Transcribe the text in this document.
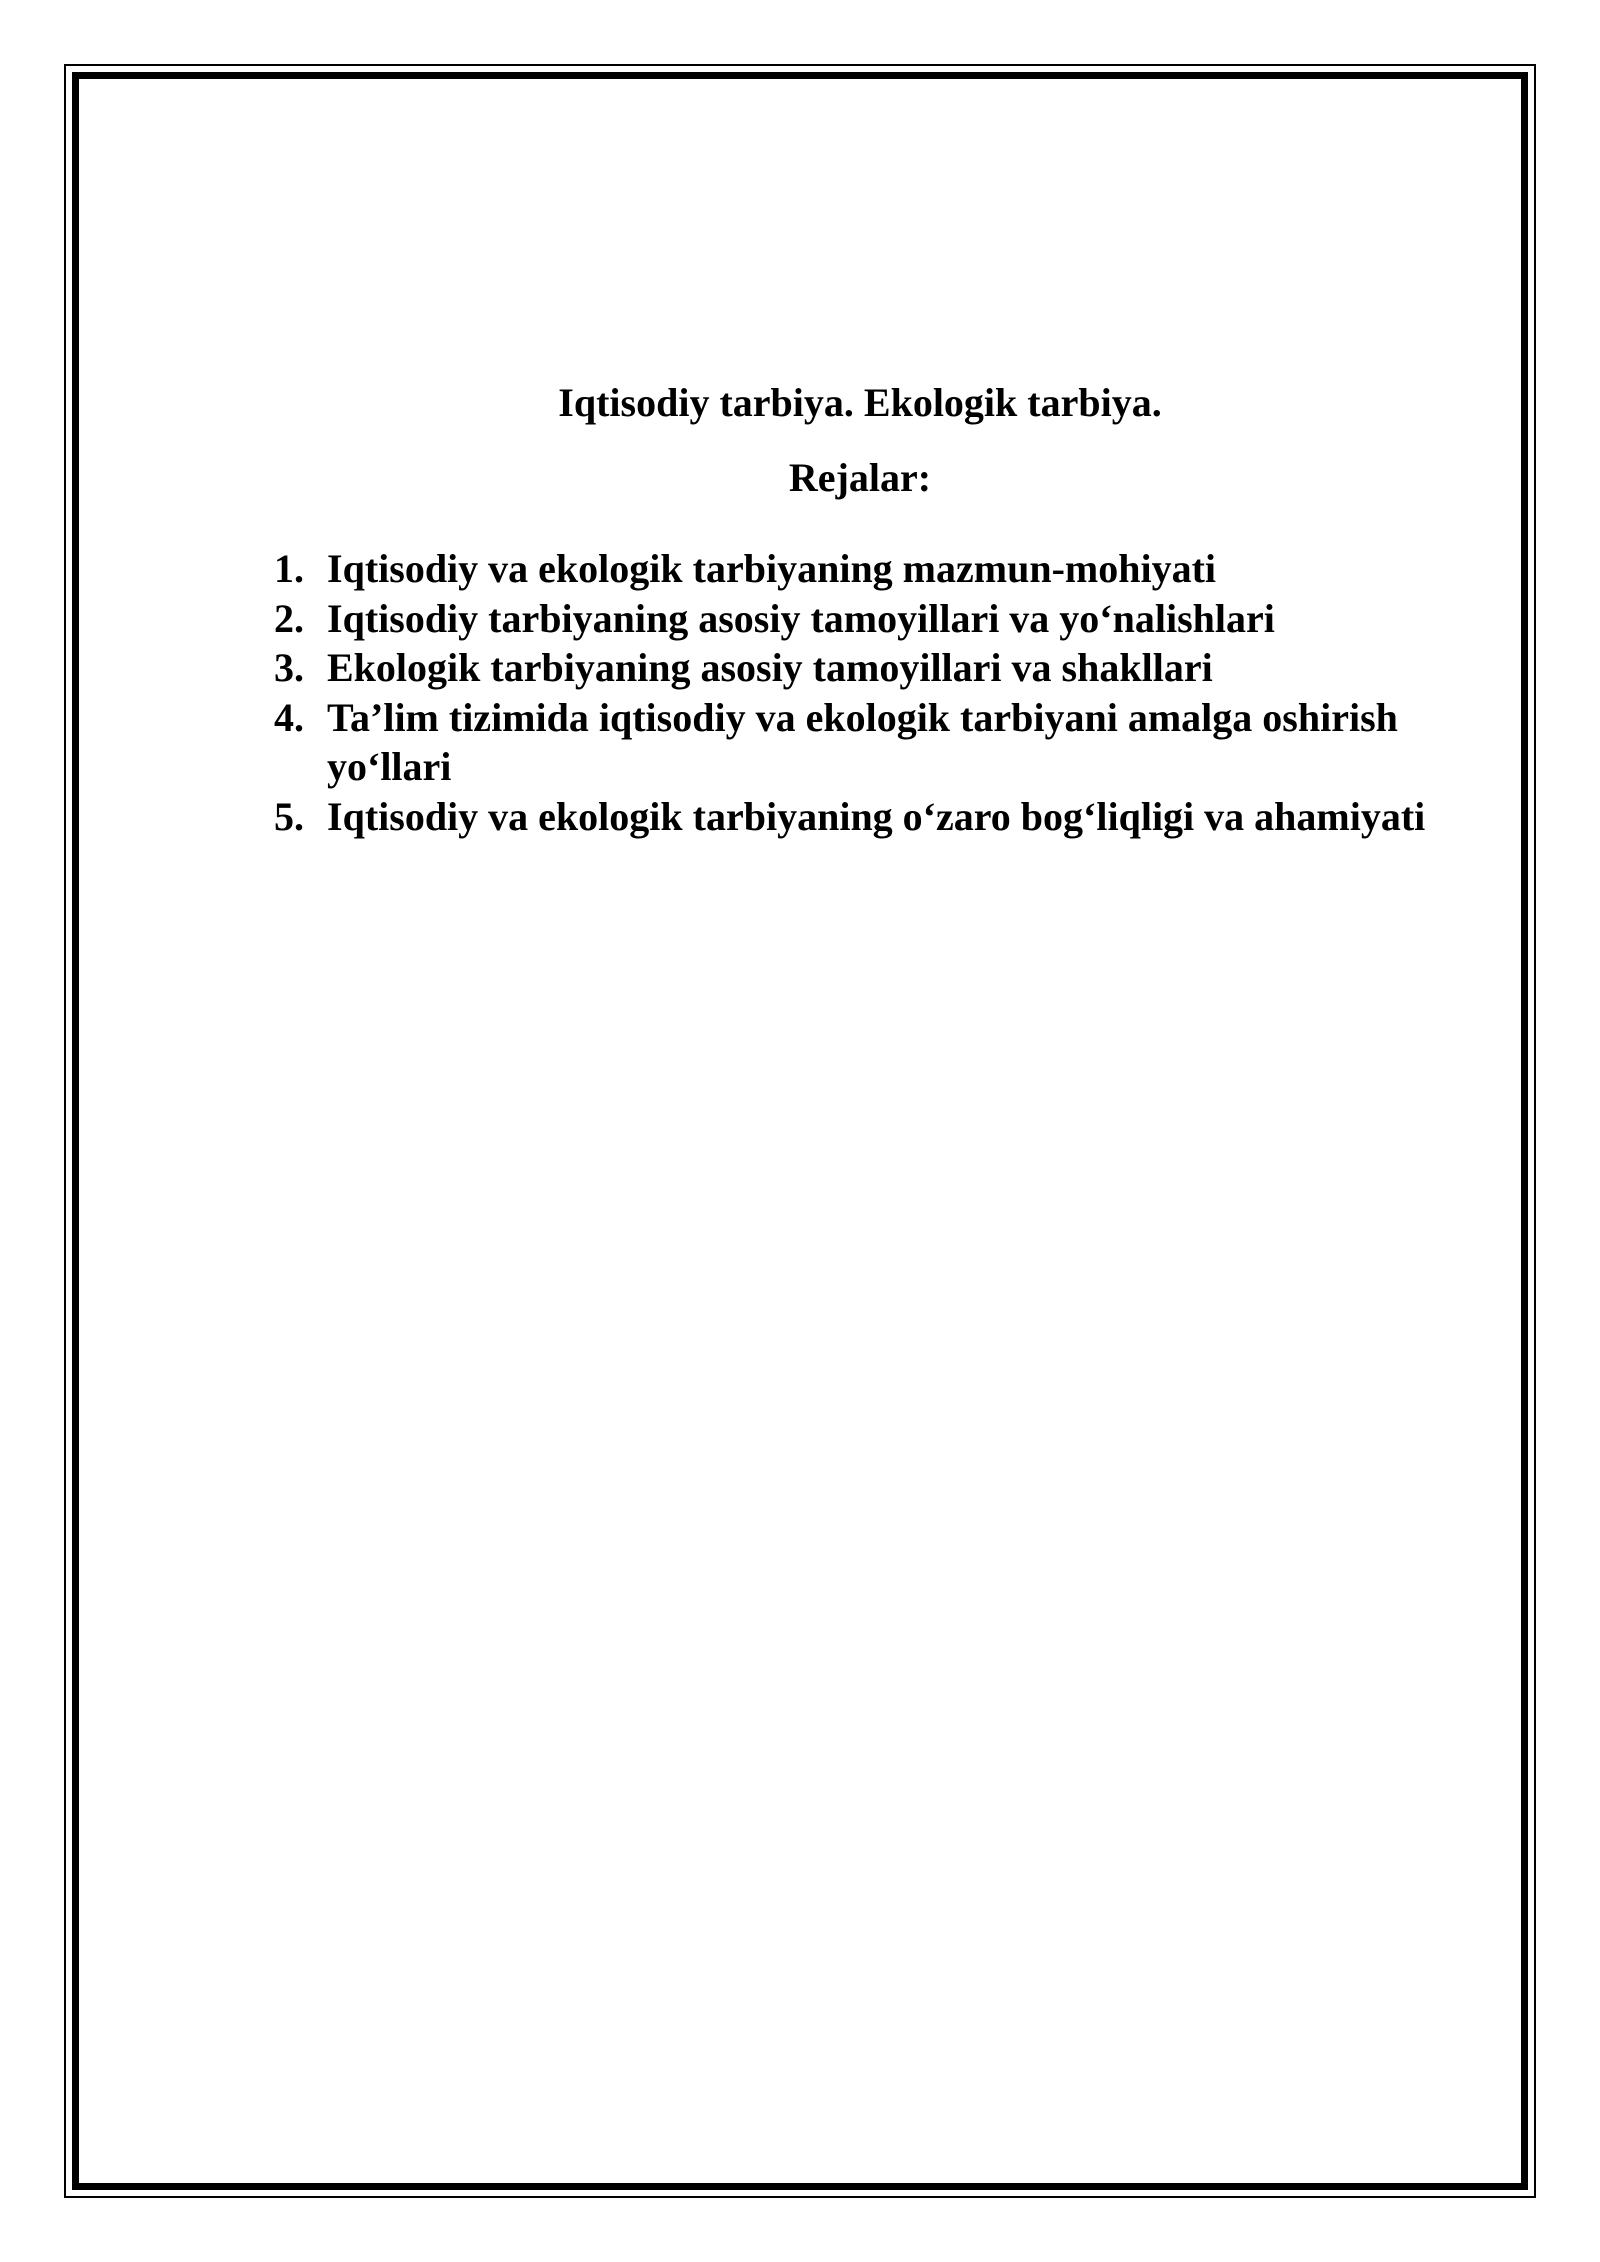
Iqtisodiy tarbiya. Ekologik tarbiya.
Rejalar:
1. Iqtisodiy va ekologik tarbiyaning mazmun-mohiyati
2. Iqtisodiy tarbiyaning asosiy tamoyillari va yo‘nalishlari
3. Ekologik tarbiyaning asosiy tamoyillari va shakllari
4. Ta’lim tizimida iqtisodiy va ekologik tarbiyani amalga oshirish yo‘llari
5. Iqtisodiy va ekologik tarbiyaning o‘zaro bog‘liqligi va ahamiyati
